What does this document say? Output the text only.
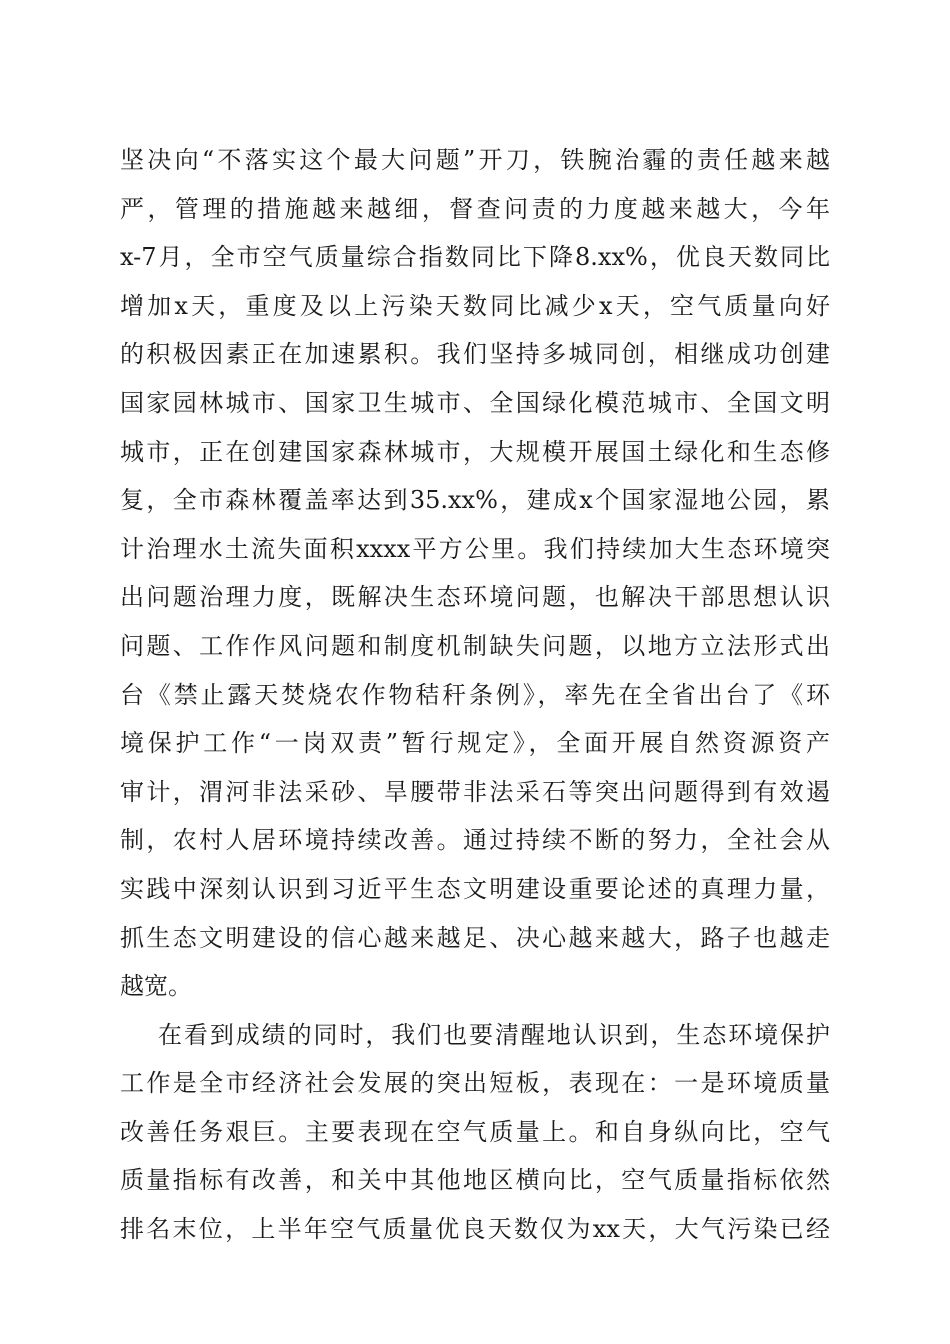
坚决向“不落实这个最大问题”开刀，铁腕治霾的责任越来越
严，管理的措施越来越细，督查问责的力度越来越大，今年
x-7月，全市空气质量综合指数同比下降8.xx%，优良天数同比
增加x天，重度及以上污染天数同比减少x天，空气质量向好
的积极因素正在加速累积。我们坚持多城同创，相继成功创建
国家园林城市、国家卫生城市、全国绿化模范城市、全国文明
城市，正在创建国家森林城市，大规模开展国土绿化和生态修
复，全市森林覆盖率达到35.xx%，建成x个国家湿地公园，累
计治理水土流失面积xxxx平方公里。我们持续加大生态环境突
出问题治理力度，既解决生态环境问题，也解决干部思想认识
问题、工作作风问题和制度机制缺失问题，以地方立法形式出
台《禁止露天焚烧农作物秸秆条例》，率先在全省出台了《环
境保护工作“一岗双责”暂行规定》，全面开展自然资源资产
审计，渭河非法采砂、旱腰带非法采石等突出问题得到有效遏
制，农村人居环境持续改善。通过持续不断的努力，全社会从
实践中深刻认识到习近平生态文明建设重要论述的真理力量，
抓生态文明建设的信心越来越足、决心越来越大，路子也越走
越宽。
在看到成绩的同时，我们也要清醒地认识到，生态环境保护
工作是全市经济社会发展的突出短板，表现在：一是环境质量
改善任务艰巨。主要表现在空气质量上。和自身纵向比，空气
质量指标有改善，和关中其他地区横向比，空气质量指标依然
排名末位，上半年空气质量优良天数仅为xx天，大气污染已经
